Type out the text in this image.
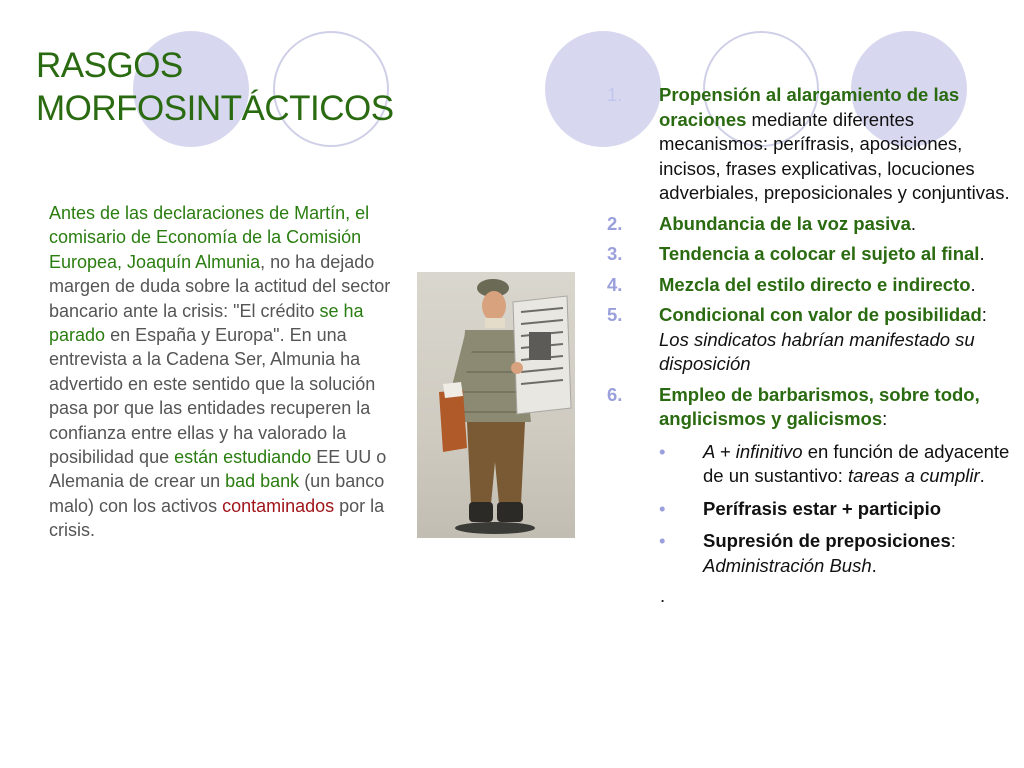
RASGOS
MORFOSINTÁCTICOS
Antes de las declaraciones de Martín, el comisario de Economía de la Comisión Europea, Joaquín Almunia, no ha dejado margen de duda sobre la actitud del sector bancario ante la crisis: "El crédito se ha parado en España y Europa". En una entrevista a la Cadena Ser, Almunia ha advertido en este sentido que la solución pasa por que las entidades recuperen la confianza entre ellas y ha valorado la posibilidad que están estudiando EE UU o Alemania de crear un bad bank (un banco malo) con los activos contaminados por la crisis.
1.	Propensión al alargamiento de las oraciones mediante diferentes mecanismos: perífrasis, aposiciones, incisos, frases explicativas, locuciones adverbiales, preposicionales y conjuntivas.
2.	Abundancia de la voz pasiva.
3.	Tendencia a colocar el sujeto al final.
4.	Mezcla del estilo directo e indirecto.
5.	Condicional con valor de posibilidad: Los sindicatos habrían manifestado su disposición
6.	Empleo de barbarismos, sobre todo, anglicismos y galicismos:
•	A + infinitivo en función de adyacente de un sustantivo: tareas a cumplir.
•	Perífrasis estar + participio
•	Supresión de preposiciones: Administración Bush.
.
